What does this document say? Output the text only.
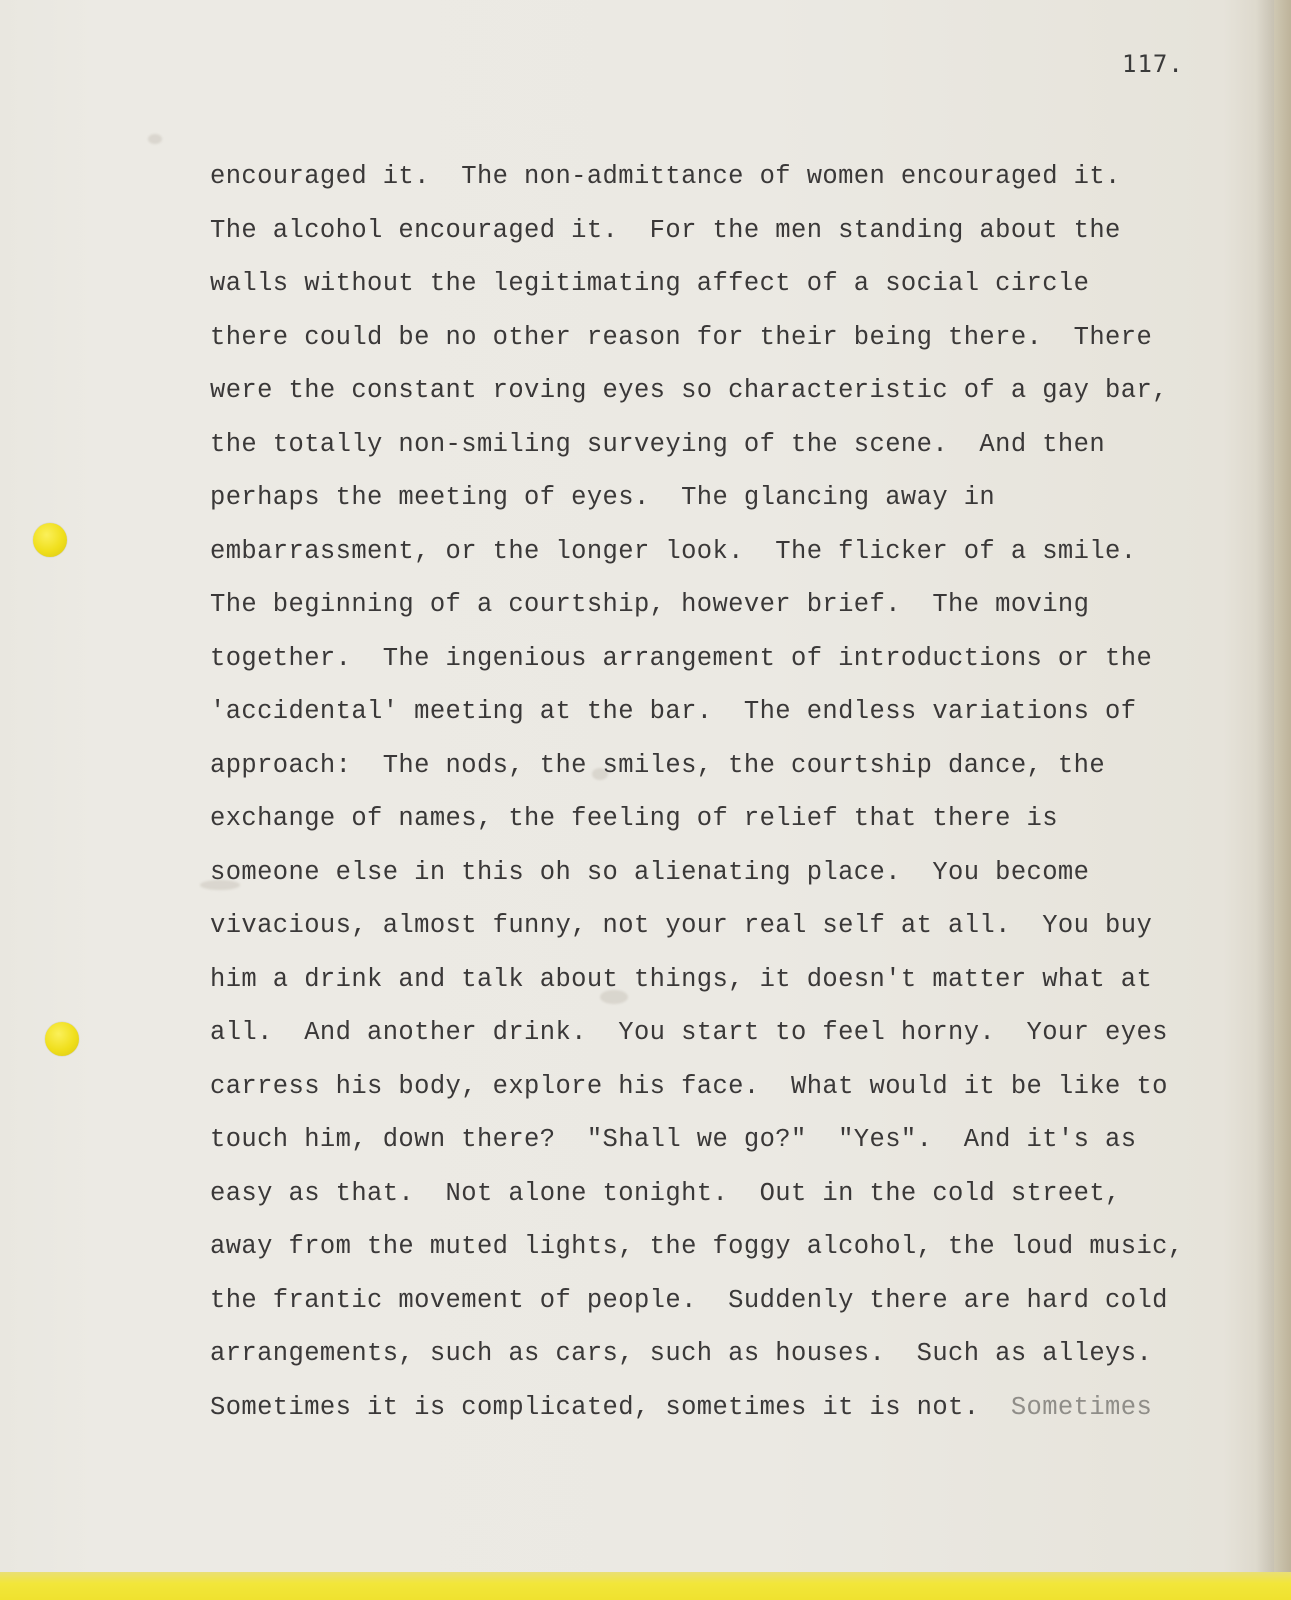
117.
encouraged it.  The non-admittance of women encouraged it.
The alcohol encouraged it.  For the men standing about the
walls without the legitimating affect of a social circle
there could be no other reason for their being there.  There
were the constant roving eyes so characteristic of a gay bar,
the totally non-smiling surveying of the scene.  And then
perhaps the meeting of eyes.  The glancing away in
embarrassment, or the longer look.  The flicker of a smile.
The beginning of a courtship, however brief.  The moving
together.  The ingenious arrangement of introductions or the
'accidental' meeting at the bar.  The endless variations of
approach:  The nods, the smiles, the courtship dance, the
exchange of names, the feeling of relief that there is
someone else in this oh so alienating place.  You become
vivacious, almost funny, not your real self at all.  You buy
him a drink and talk about things, it doesn't matter what at
all.  And another drink.  You start to feel horny.  Your eyes
carress his body, explore his face.  What would it be like to
touch him, down there?  "Shall we go?"  "Yes".  And it's as
easy as that.  Not alone tonight.  Out in the cold street,
away from the muted lights, the foggy alcohol, the loud music,
the frantic movement of people.  Suddenly there are hard cold
arrangements, such as cars, such as houses.  Such as alleys.
Sometimes it is complicated, sometimes it is not.  Sometimes
